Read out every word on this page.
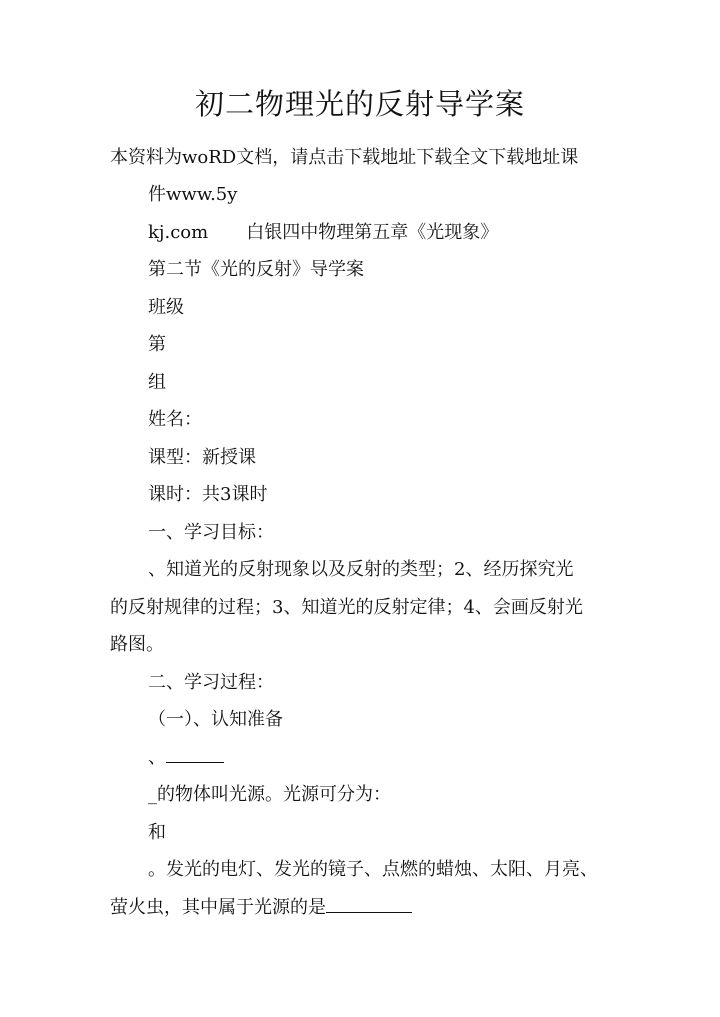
初二物理光的反射导学案
本资料为woRD文档，请点击下载地址下载全文下载地址课
件www.5y
kj.com 白银四中物理第五章《光现象》
第二节《光的反射》导学案
班级
第
组
姓名：
课型：新授课
课时：共3课时
一、学习目标：
、知道光的反射现象以及反射的类型；2、经历探究光
的反射规律的过程；3、知道光的反射定律；4、会画反射光
路图。
二、学习过程：
（一）、认知准备
、
_的物体叫光源。光源可分为：
和
。发光的电灯、发光的镜子、点燃的蜡烛、太阳、月亮、
萤火虫，其中属于光源的是
